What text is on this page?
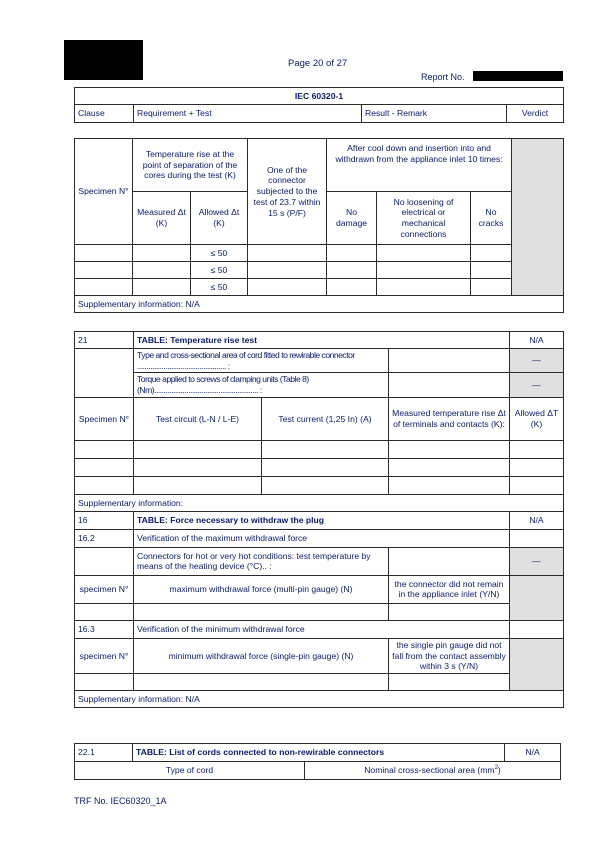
Page 20 of 27
Report No.
IEC 60320-1
Clause	Requirement + Test	Result - Remark	Verdict
Specimen N°	Temperature rise at the point of separation of the cores during the test (K)		One of the connector subjected to the test of 23.7 within 15 s (P/F)	After cool down and insertion into and withdrawn from the appliance inlet 10 times:			
	Measured Δt (K)	Allowed Δt (K)		No damage	No loosening of electrical or mechanical connections	No cracks	
		≤ 50					
		≤ 50					
		≤ 50					
Supplementary information: N/A							
21	TABLE: Temperature rise test			N/A
	Type and cross-sectional area of cord fitted to rewirable connector ............................................... :			—
	Torque applied to screws of clamping units (Table 8) (Nm)....................................................... :			—
Specimen N°	Test circuit (L-N / L-E)	Test current (1,25 In) (A)	Measured temperature rise Δt of terminals and contacts (K):	Allowed ΔT (K)

Supplementary information:				
16	TABLE: Force necessary to withdraw the plug			N/A
16.2	Verification of the maximum withdrawal force			
	Connectors for hot or very hot conditions: test temperature by means of the heating device (°C).. :			—
specimen N°	maximum withdrawal force (multi-pin gauge) (N)		the connector did not remain in the appliance inlet (Y/N)	

16.3	Verification of the minimum withdrawal force			
specimen N°	minimum withdrawal force (single-pin gauge) (N)		the single pin gauge did not fall from the contact assembly within 3 s (Y/N)	

Supplementary information: N/A				
22.1	TABLE: List of cords connected to non-rewirable connectors		N/A
Type of cord		Nominal cross-sectional area $(mm^2)$	
TRF No. IEC60320_1A
